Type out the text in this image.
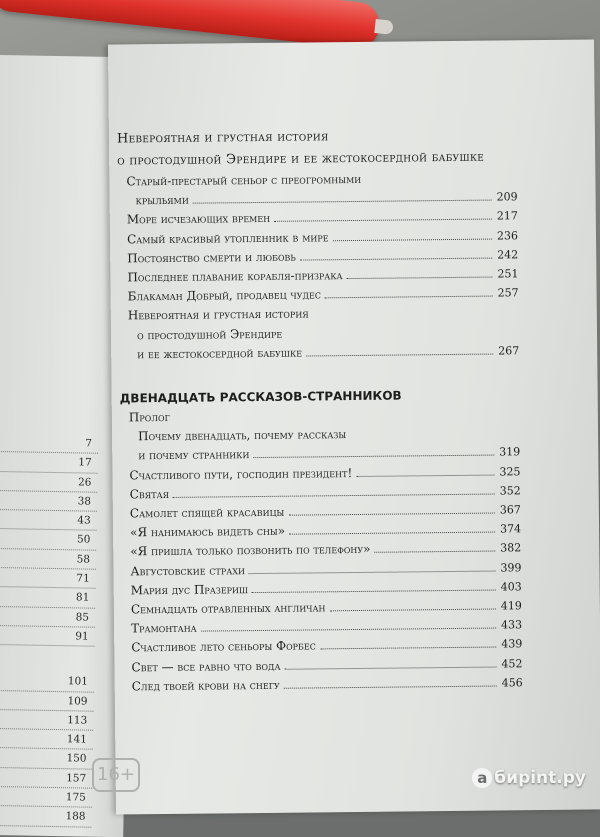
7
17
26
38
43
50
58
71
81
85
91
101
109
113
141
150
157
175
188

Невероятная и грустная история

о простодушной Эрендире и ее жестокосердной бабушке

Старый-престарый сеньор с преогромными
крыльями	209
Море исчезающих времен	217
Самый красивый утопленник в мире	236
Постоянство смерти и любовь	242
Последнее плавание корабля-призрака	251
Блакаман Добрый, продавец чудес	257
Невероятная и грустная история
о простодушной Эрендире
и ее жестокосердной бабушке	267

ДВЕНАДЦАТЬ РАССКАЗОВ-СТРАННИКОВ

Пролог
Почему двенадцать, почему рассказы
и почему странники	319
Счастливого пути, господин президент!	325
Святая	352
Самолет спящей красавицы	367
«Я нанимаюсь видеть сны»	374
«Я пришла только позвонить по телефону»	382
Августовские страхи	399
Мария дус Празериш	403
Семнадцать отравленных англичан	419
Трамонтана	433
Счастливое лето сеньоры Форбес	439
Свет — все равно что вода	452
След твоей крови на снегу	456
16+	а бирint.ру
